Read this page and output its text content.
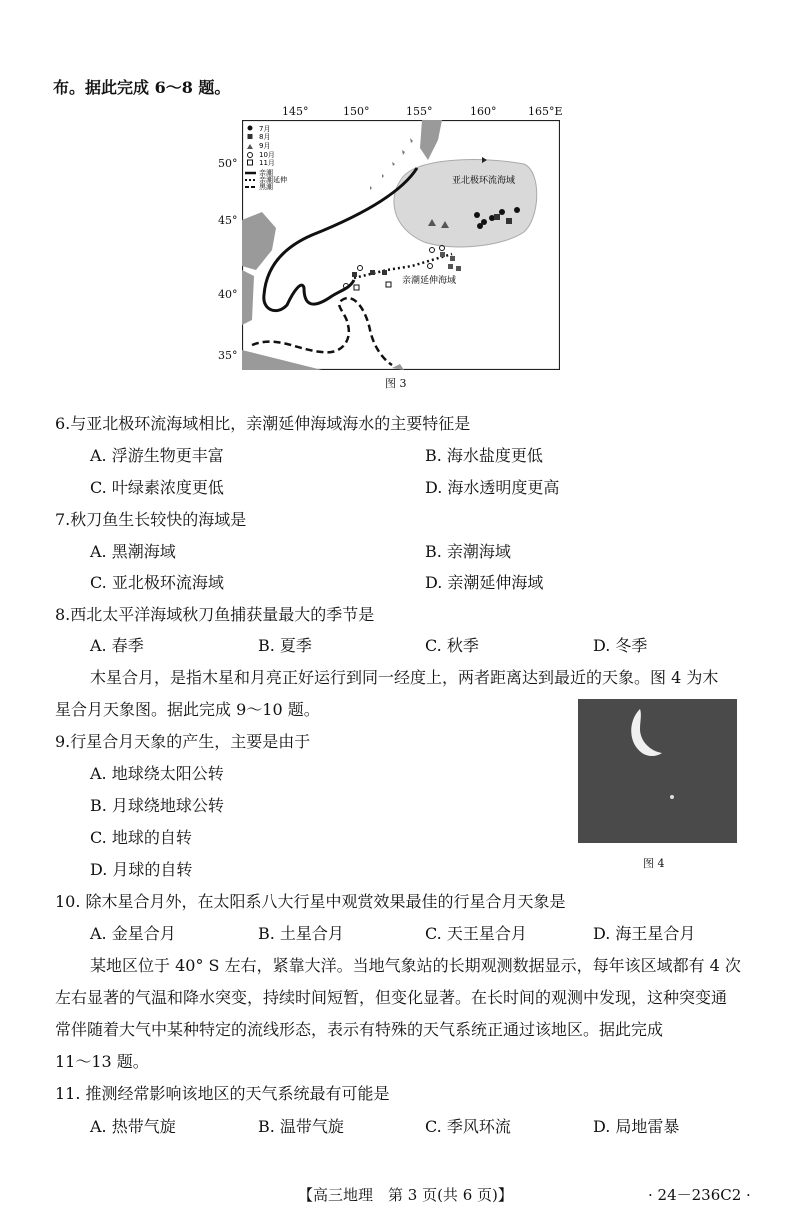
布。据此完成 6～8 题。
亚北极环流海域
亲潮延伸海域
7月
8月
9月
10月
11月
亲潮
亲潮延伸
黑潮
145°	150°	155°	160°	165°E
50°
45°
40°
35°
图 3
6.与亚北极环流海域相比，亲潮延伸海域海水的主要特征是
A. 浮游生物更丰富	B. 海水盐度更低
C. 叶绿素浓度更低	D. 海水透明度更高
7.秋刀鱼生长较快的海域是
A. 黑潮海域	B. 亲潮海域
C. 亚北极环流海域	D. 亲潮延伸海域
8.西北太平洋海域秋刀鱼捕获量最大的季节是
A. 春季	B. 夏季	C. 秋季	D. 冬季
木星合月，是指木星和月亮正好运行到同一经度上，两者距离达到最近的天象。图 4 为木
星合月天象图。据此完成 9～10 题。
9.行星合月天象的产生，主要是由于
A. 地球绕太阳公转
B. 月球绕地球公转
C. 地球的自转
D. 月球的自转	图 4
10. 除木星合月外，在太阳系八大行星中观赏效果最佳的行星合月天象是
A. 金星合月	B. 土星合月	C. 天王星合月	D. 海王星合月
某地区位于 40° S 左右，紧靠大洋。当地气象站的长期观测数据显示，每年该区域都有 4 次
左右显著的气温和降水突变，持续时间短暂，但变化显著。在长时间的观测中发现，这种突变通
常伴随着大气中某种特定的流线形态，表示有特殊的天气系统正通过该地区。据此完成
11～13 题。
11. 推测经常影响该地区的天气系统最有可能是
A. 热带气旋	B. 温带气旋	C. 季风环流	D. 局地雷暴
【高三地理　第 3 页(共 6 页)】	· 24－236C2 ·
